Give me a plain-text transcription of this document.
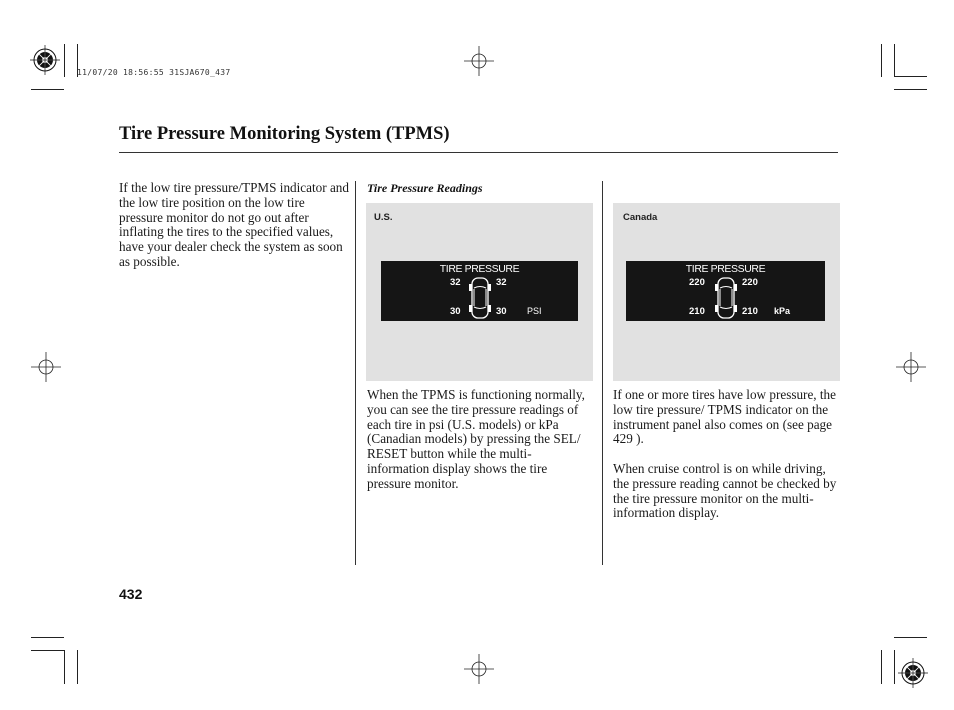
11/07/20 18:56:55 31SJA670_437
Tire Pressure Monitoring System (TPMS)

If the low tire pressure/TPMS indicator and the low tire position on the low tire pressure monitor do not go out after inflating the tires to the specified values, have your dealer check the system as soon as possible.

Tire Pressure Readings
U.S.
TIRE PRESSURE
32	32
30	30 PSI
Canada
TIRE PRESSURE
220	220
210	210 kPa

When the TPMS is functioning normally, you can see the tire pressure readings of each tire in psi (U.S. models) or kPa (Canadian models) by pressing the SEL/ RESET button while the multi-information display shows the tire pressure monitor.

If one or more tires have low pressure, the low tire pressure/ TPMS indicator on the instrument panel also comes on (see page 429 ).

When cruise control is on while driving, the pressure reading cannot be checked by the tire pressure monitor on the multi-information display.

432
